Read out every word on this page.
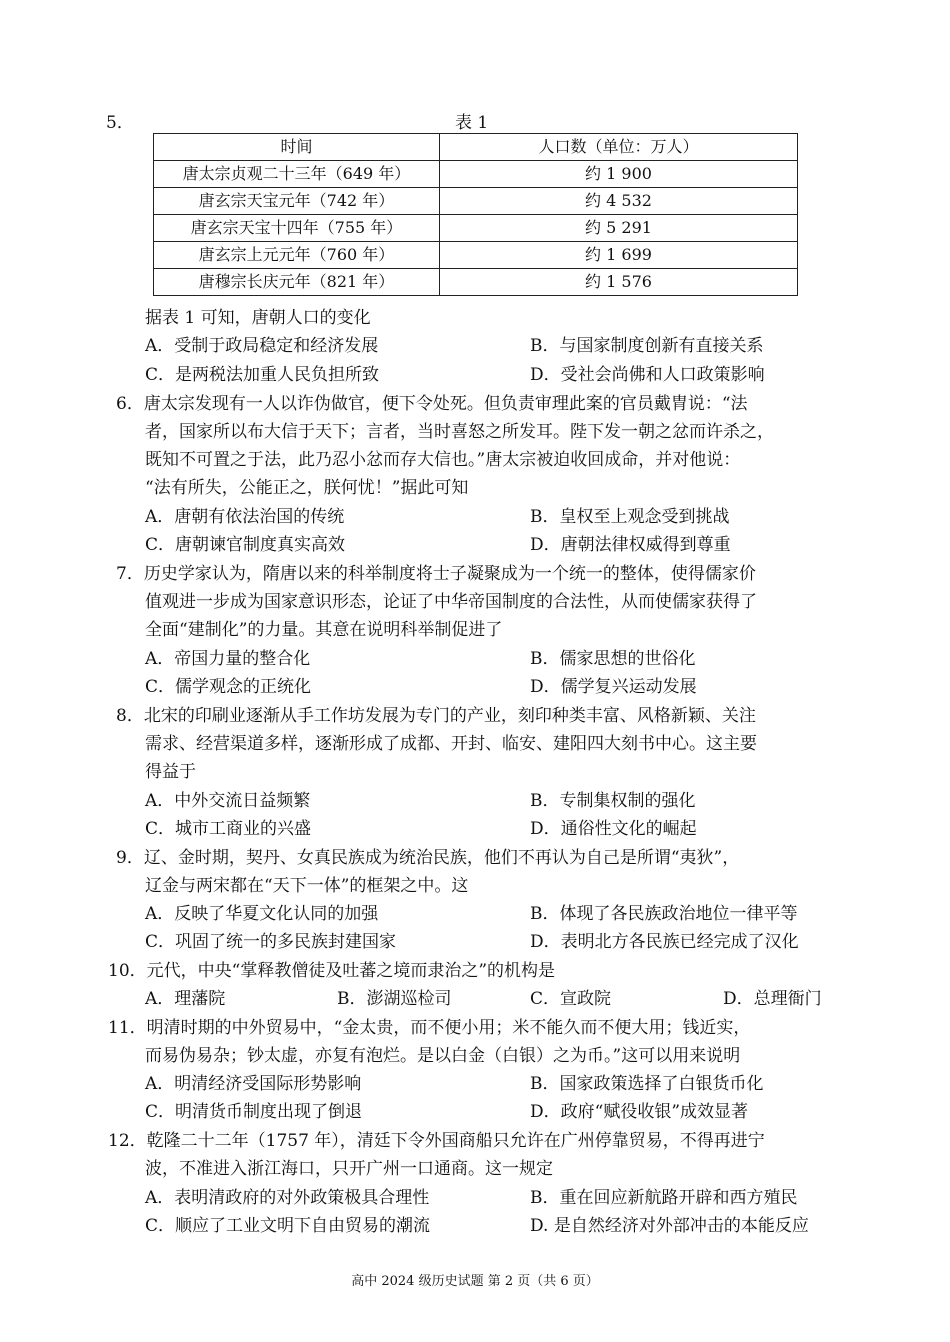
5．	表 1
时间	人口数（单位：万人）
唐太宗贞观二十三年（649 年）	约 1 900
唐玄宗天宝元年（742 年）	约 4 532
唐玄宗天宝十四年（755 年）	约 5 291
唐玄宗上元元年（760 年）	约 1 699
唐穆宗长庆元年（821 年）	约 1 576
据表 1 可知，唐朝人口的变化
A．受制于政局稳定和经济发展	B．与国家制度创新有直接关系
C．是两税法加重人民负担所致	D．受社会尚佛和人口政策影响
6．唐太宗发现有一人以诈伪做官，便下令处死。但负责审理此案的官员戴胄说：“法
者，国家所以布大信于天下；言者，当时喜怒之所发耳。陛下发一朝之忿而许杀之，
既知不可置之于法，此乃忍小忿而存大信也。”唐太宗被迫收回成命，并对他说：
“法有所失，公能正之，朕何忧！”据此可知
A．唐朝有依法治国的传统	B．皇权至上观念受到挑战
C．唐朝谏官制度真实高效	D．唐朝法律权威得到尊重
7．历史学家认为，隋唐以来的科举制度将士子凝聚成为一个统一的整体，使得儒家价
值观进一步成为国家意识形态，论证了中华帝国制度的合法性，从而使儒家获得了
全面“建制化”的力量。其意在说明科举制促进了
A．帝国力量的整合化	B．儒家思想的世俗化
C．儒学观念的正统化	D．儒学复兴运动发展
8．北宋的印刷业逐渐从手工作坊发展为专门的产业，刻印种类丰富、风格新颖、关注
需求、经营渠道多样，逐渐形成了成都、开封、临安、建阳四大刻书中心。这主要
得益于
A．中外交流日益频繁	B．专制集权制的强化
C．城市工商业的兴盛	D．通俗性文化的崛起
9．辽、金时期，契丹、女真民族成为统治民族，他们不再认为自己是所谓“夷狄”，
辽金与两宋都在“天下一体”的框架之中。这
A．反映了华夏文化认同的加强	B．体现了各民族政治地位一律平等
C．巩固了统一的多民族封建国家	D．表明北方各民族已经完成了汉化
10．元代，中央“掌释教僧徒及吐蕃之境而隶治之”的机构是
A．理藩院	B．澎湖巡检司	C．宣政院	D．总理衙门
11．明清时期的中外贸易中，“金太贵，而不便小用；米不能久而不便大用；钱近实，
而易伪易杂；钞太虚，亦复有泡烂。是以白金（白银）之为币。”这可以用来说明
A．明清经济受国际形势影响	B．国家政策选择了白银货币化
C．明清货币制度出现了倒退	D．政府“赋役收银”成效显著
12．乾隆二十二年（1757 年），清廷下令外国商船只允许在广州停靠贸易，不得再进宁
波，不准进入浙江海口，只开广州一口通商。这一规定
A．表明清政府的对外政策极具合理性	B．重在回应新航路开辟和西方殖民
C．顺应了工业文明下自由贸易的潮流	D. 是自然经济对外部冲击的本能反应
高中 2024 级历史试题 第 2 页（共 6 页）
